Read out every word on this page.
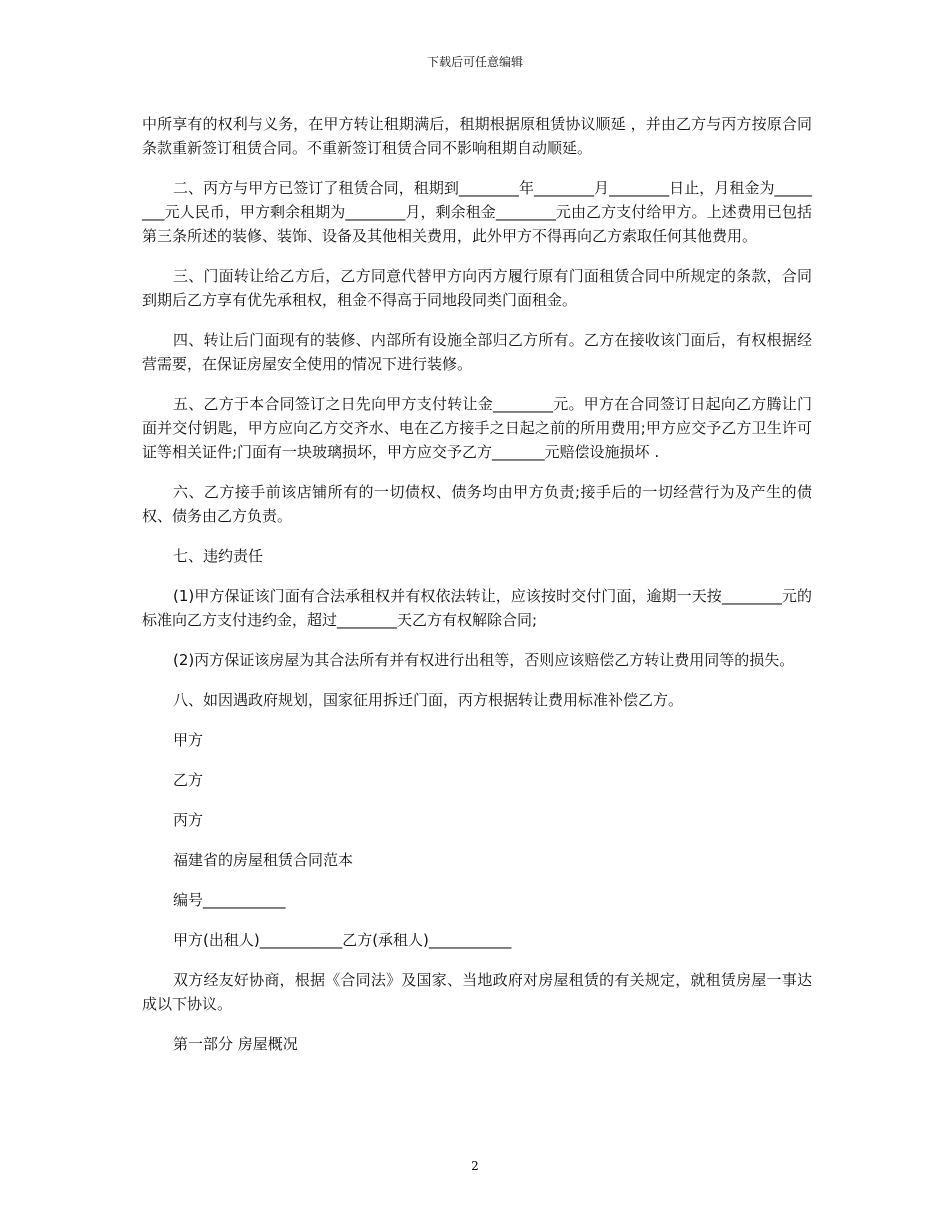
下载后可任意编辑

中所享有的权利与义务，在甲方转让租期满后，租期根据原租赁协议顺延 ，并由乙方与丙方按原合同条款重新签订租赁合同。不重新签订租赁合同不影响租期自动顺延。

二、丙方与甲方已签订了租赁合同，租期到________年________月________日止，月租金为________元人民币，甲方剩余租期为________月，剩余租金________元由乙方支付给甲方。上述费用已包括第三条所述的装修、装饰、设备及其他相关费用，此外甲方不得再向乙方索取任何其他费用。

三、门面转让给乙方后，乙方同意代替甲方向丙方履行原有门面租赁合同中所规定的条款，合同到期后乙方享有优先承租权，租金不得高于同地段同类门面租金。

四、转让后门面现有的装修、内部所有设施全部归乙方所有。乙方在接收该门面后，有权根据经营需要，在保证房屋安全使用的情况下进行装修。

五、乙方于本合同签订之日先向甲方支付转让金________元。甲方在合同签订日起向乙方腾让门面并交付钥匙，甲方应向乙方交齐水、电在乙方接手之日起之前的所用费用;甲方应交予乙方卫生许可证等相关证件;门面有一块玻璃损坏，甲方应交予乙方_______元赔偿设施损坏 .

六、乙方接手前该店铺所有的一切债权、债务均由甲方负责;接手后的一切经营行为及产生的债权、债务由乙方负责。

七、违约责任

(1)甲方保证该门面有合法承租权并有权依法转让，应该按时交付门面，逾期一天按________元的标准向乙方支付违约金，超过________天乙方有权解除合同;

(2)丙方保证该房屋为其合法所有并有权进行出租等，否则应该赔偿乙方转让费用同等的损失。

八、如因遇政府规划，国家征用拆迁门面，丙方根据转让费用标准补偿乙方。

甲方

乙方

丙方

福建省的房屋租赁合同范本

编号___________

甲方(出租人)___________乙方(承租人)___________

双方经友好协商，根据《合同法》及国家、当地政府对房屋租赁的有关规定，就租赁房屋一事达成以下协议。

第一部分 房屋概况

2
